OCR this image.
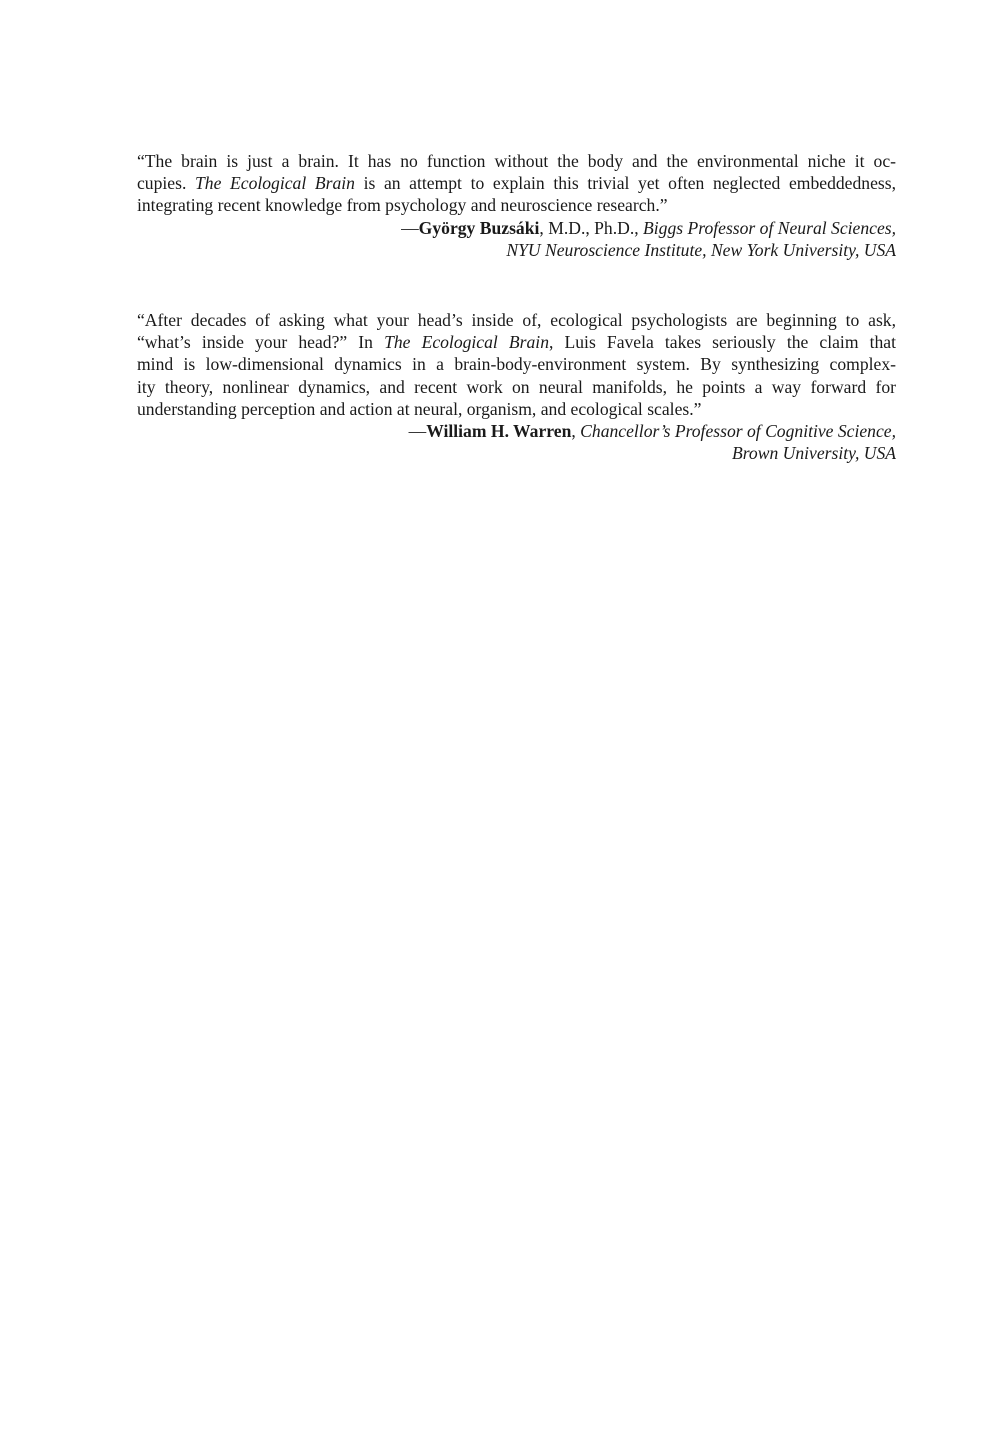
“The brain is just a brain. It has no function without the body and the environmental niche it oc-
cupies. The Ecological Brain is an attempt to explain this trivial yet often neglected embeddedness,
integrating recent knowledge from psychology and neuroscience research.”
—György Buzsáki, M.D., Ph.D., Biggs Professor of Neural Sciences,
NYU Neuroscience Institute, New York University, USA
“After decades of asking what your head’s inside of, ecological psychologists are beginning to ask,
“what’s inside your head?” In The Ecological Brain, Luis Favela takes seriously the claim that
mind is low-dimensional dynamics in a brain-body-environment system. By synthesizing complex-
ity theory, nonlinear dynamics, and recent work on neural manifolds, he points a way forward for
understanding perception and action at neural, organism, and ecological scales.”
—William H. Warren, Chancellor’s Professor of Cognitive Science,
Brown University, USA
